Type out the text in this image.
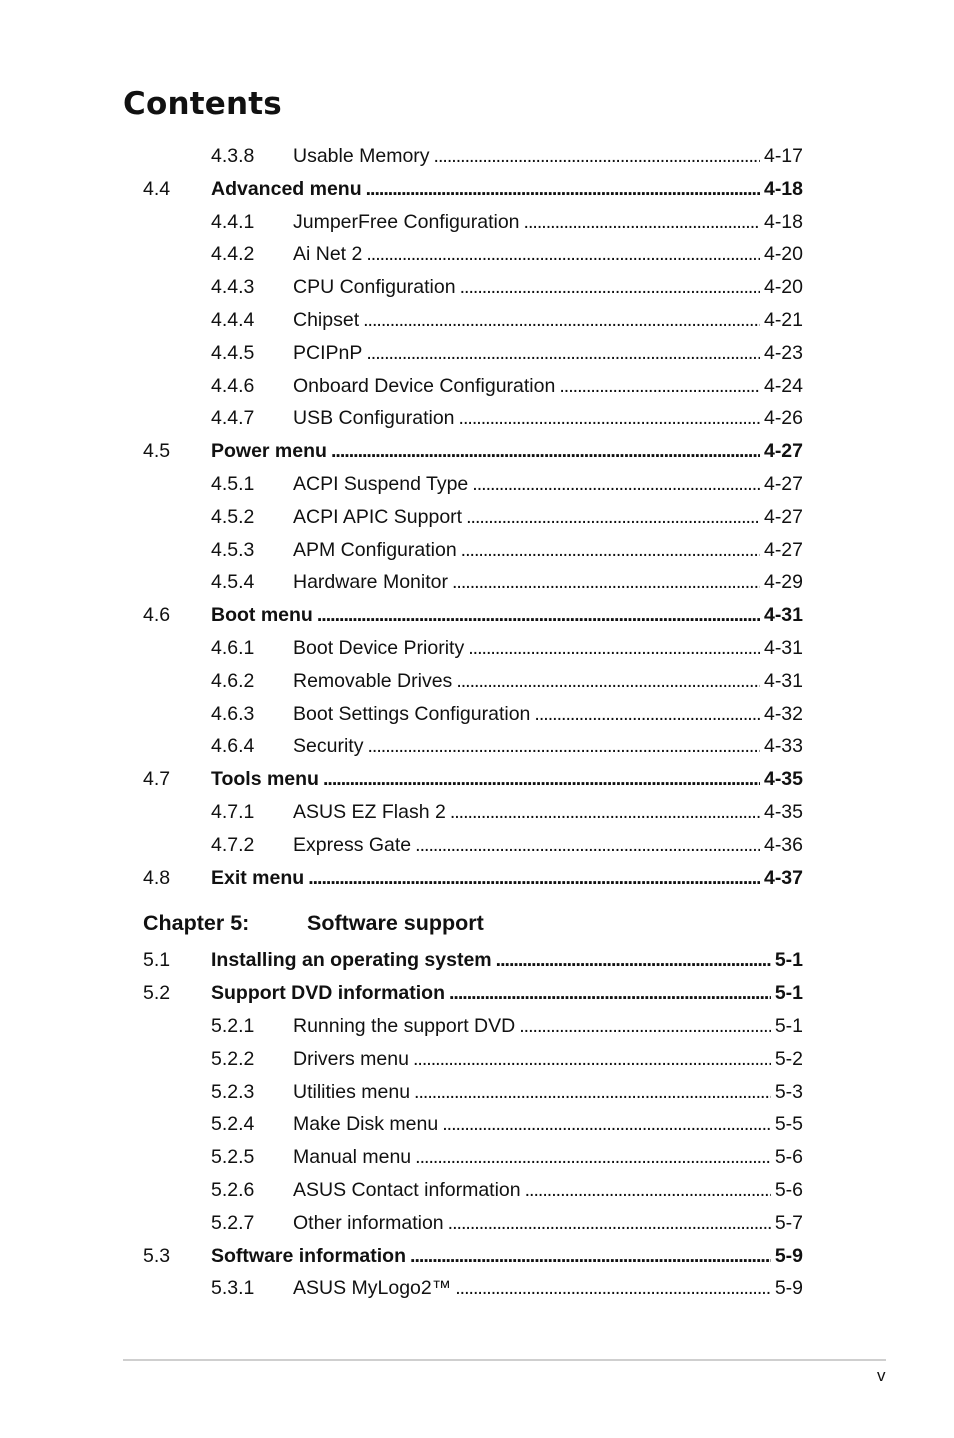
Contents
4.3.8 Usable Memory . . .	4-17
4.4 Advanced menu . . .	4-18
4.4.1 JumperFree Configuration . . .	4-18
4.4.2 Ai Net 2 . . .	4-20
4.4.3 CPU Configuration . . .	4-20
4.4.4 Chipset . . .	4-21
4.4.5 PCIPnP . . .	4-23
4.4.6 Onboard Device Configuration . . .	4-24
4.4.7 USB Configuration . . .	4-26
4.5 Power menu . . .	4-27
4.5.1 ACPI Suspend Type . . .	4-27
4.5.2 ACPI APIC Support . . .	4-27
4.5.3 APM Configuration . . .	4-27
4.5.4 Hardware Monitor . . .	4-29
4.6 Boot menu . . .	4-31
4.6.1 Boot Device Priority . . .	4-31
4.6.2 Removable Drives . . .	4-31
4.6.3 Boot Settings Configuration . . .	4-32
4.6.4 Security . . .	4-33
4.7 Tools menu . . .	4-35
4.7.1 ASUS EZ Flash 2 . . .	4-35
4.7.2 Express Gate . . .	4-36
4.8 Exit menu . . .	4-37
Chapter 5:	Software support
5.1 Installing an operating system . . .	5-1
5.2 Support DVD information . . .	5-1
5.2.1 Running the support DVD . . .	5-1
5.2.2 Drivers menu . . .	5-2
5.2.3 Utilities menu . . .	5-3
5.2.4 Make Disk menu . . .	5-5
5.2.5 Manual menu . . .	5-6
5.2.6 ASUS Contact information . . .	5-6
5.2.7 Other information . . .	5-7
5.3 Software information . . .	5-9
5.3.1 ASUS MyLogo2™ . . .	5-9
v
